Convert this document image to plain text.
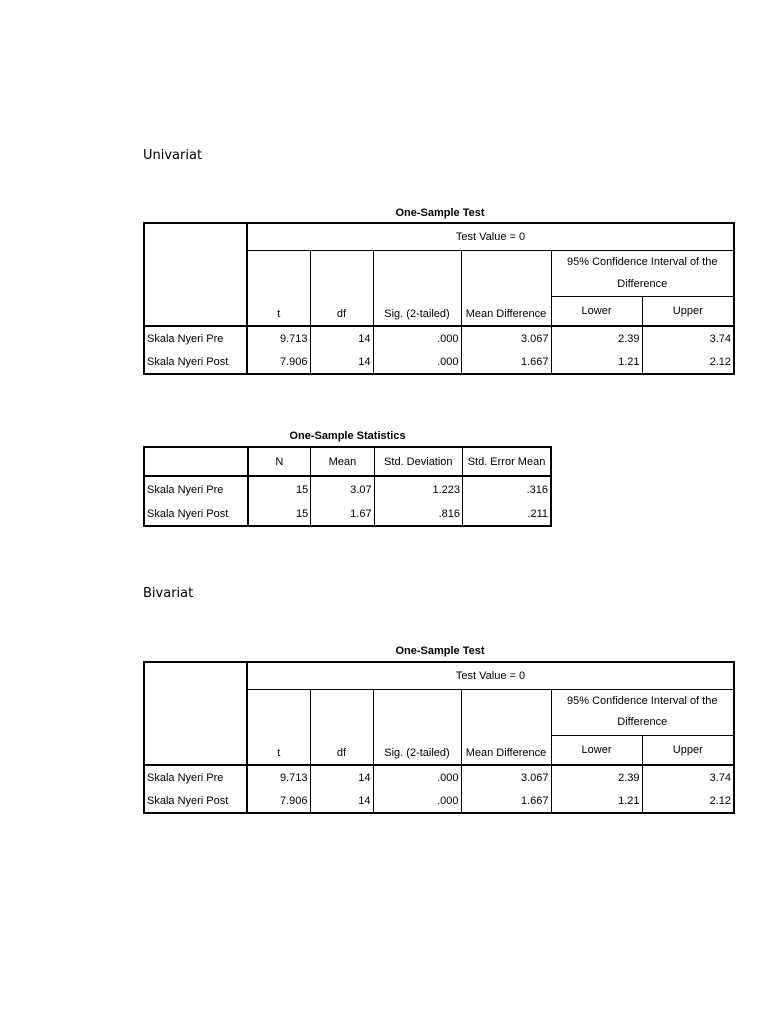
Univariat
One-Sample Test
	Test Value = 0					
	t	df	Sig. (2-tailed)	Mean Difference	95% Confidence Interval of the
Difference	

					Lower	Upper
Skala Nyeri Pre	9.713	14	.000	3.067	2.39	3.74
Skala Nyeri Post	7.906	14	.000	1.667	1.21	2.12
One-Sample Statistics
	N	Mean	Std. Deviation	Std. Error Mean
Skala Nyeri Pre	15	3.07	1.223	.316
Skala Nyeri Post	15	1.67	.816	.211
Bivariat
One-Sample Test
	Test Value = 0					
	t	df	Sig. (2-tailed)	Mean Difference	95% Confidence Interval of the
Difference	

					Lower	Upper
Skala Nyeri Pre	9.713	14	.000	3.067	2.39	3.74
Skala Nyeri Post	7.906	14	.000	1.667	1.21	2.12
